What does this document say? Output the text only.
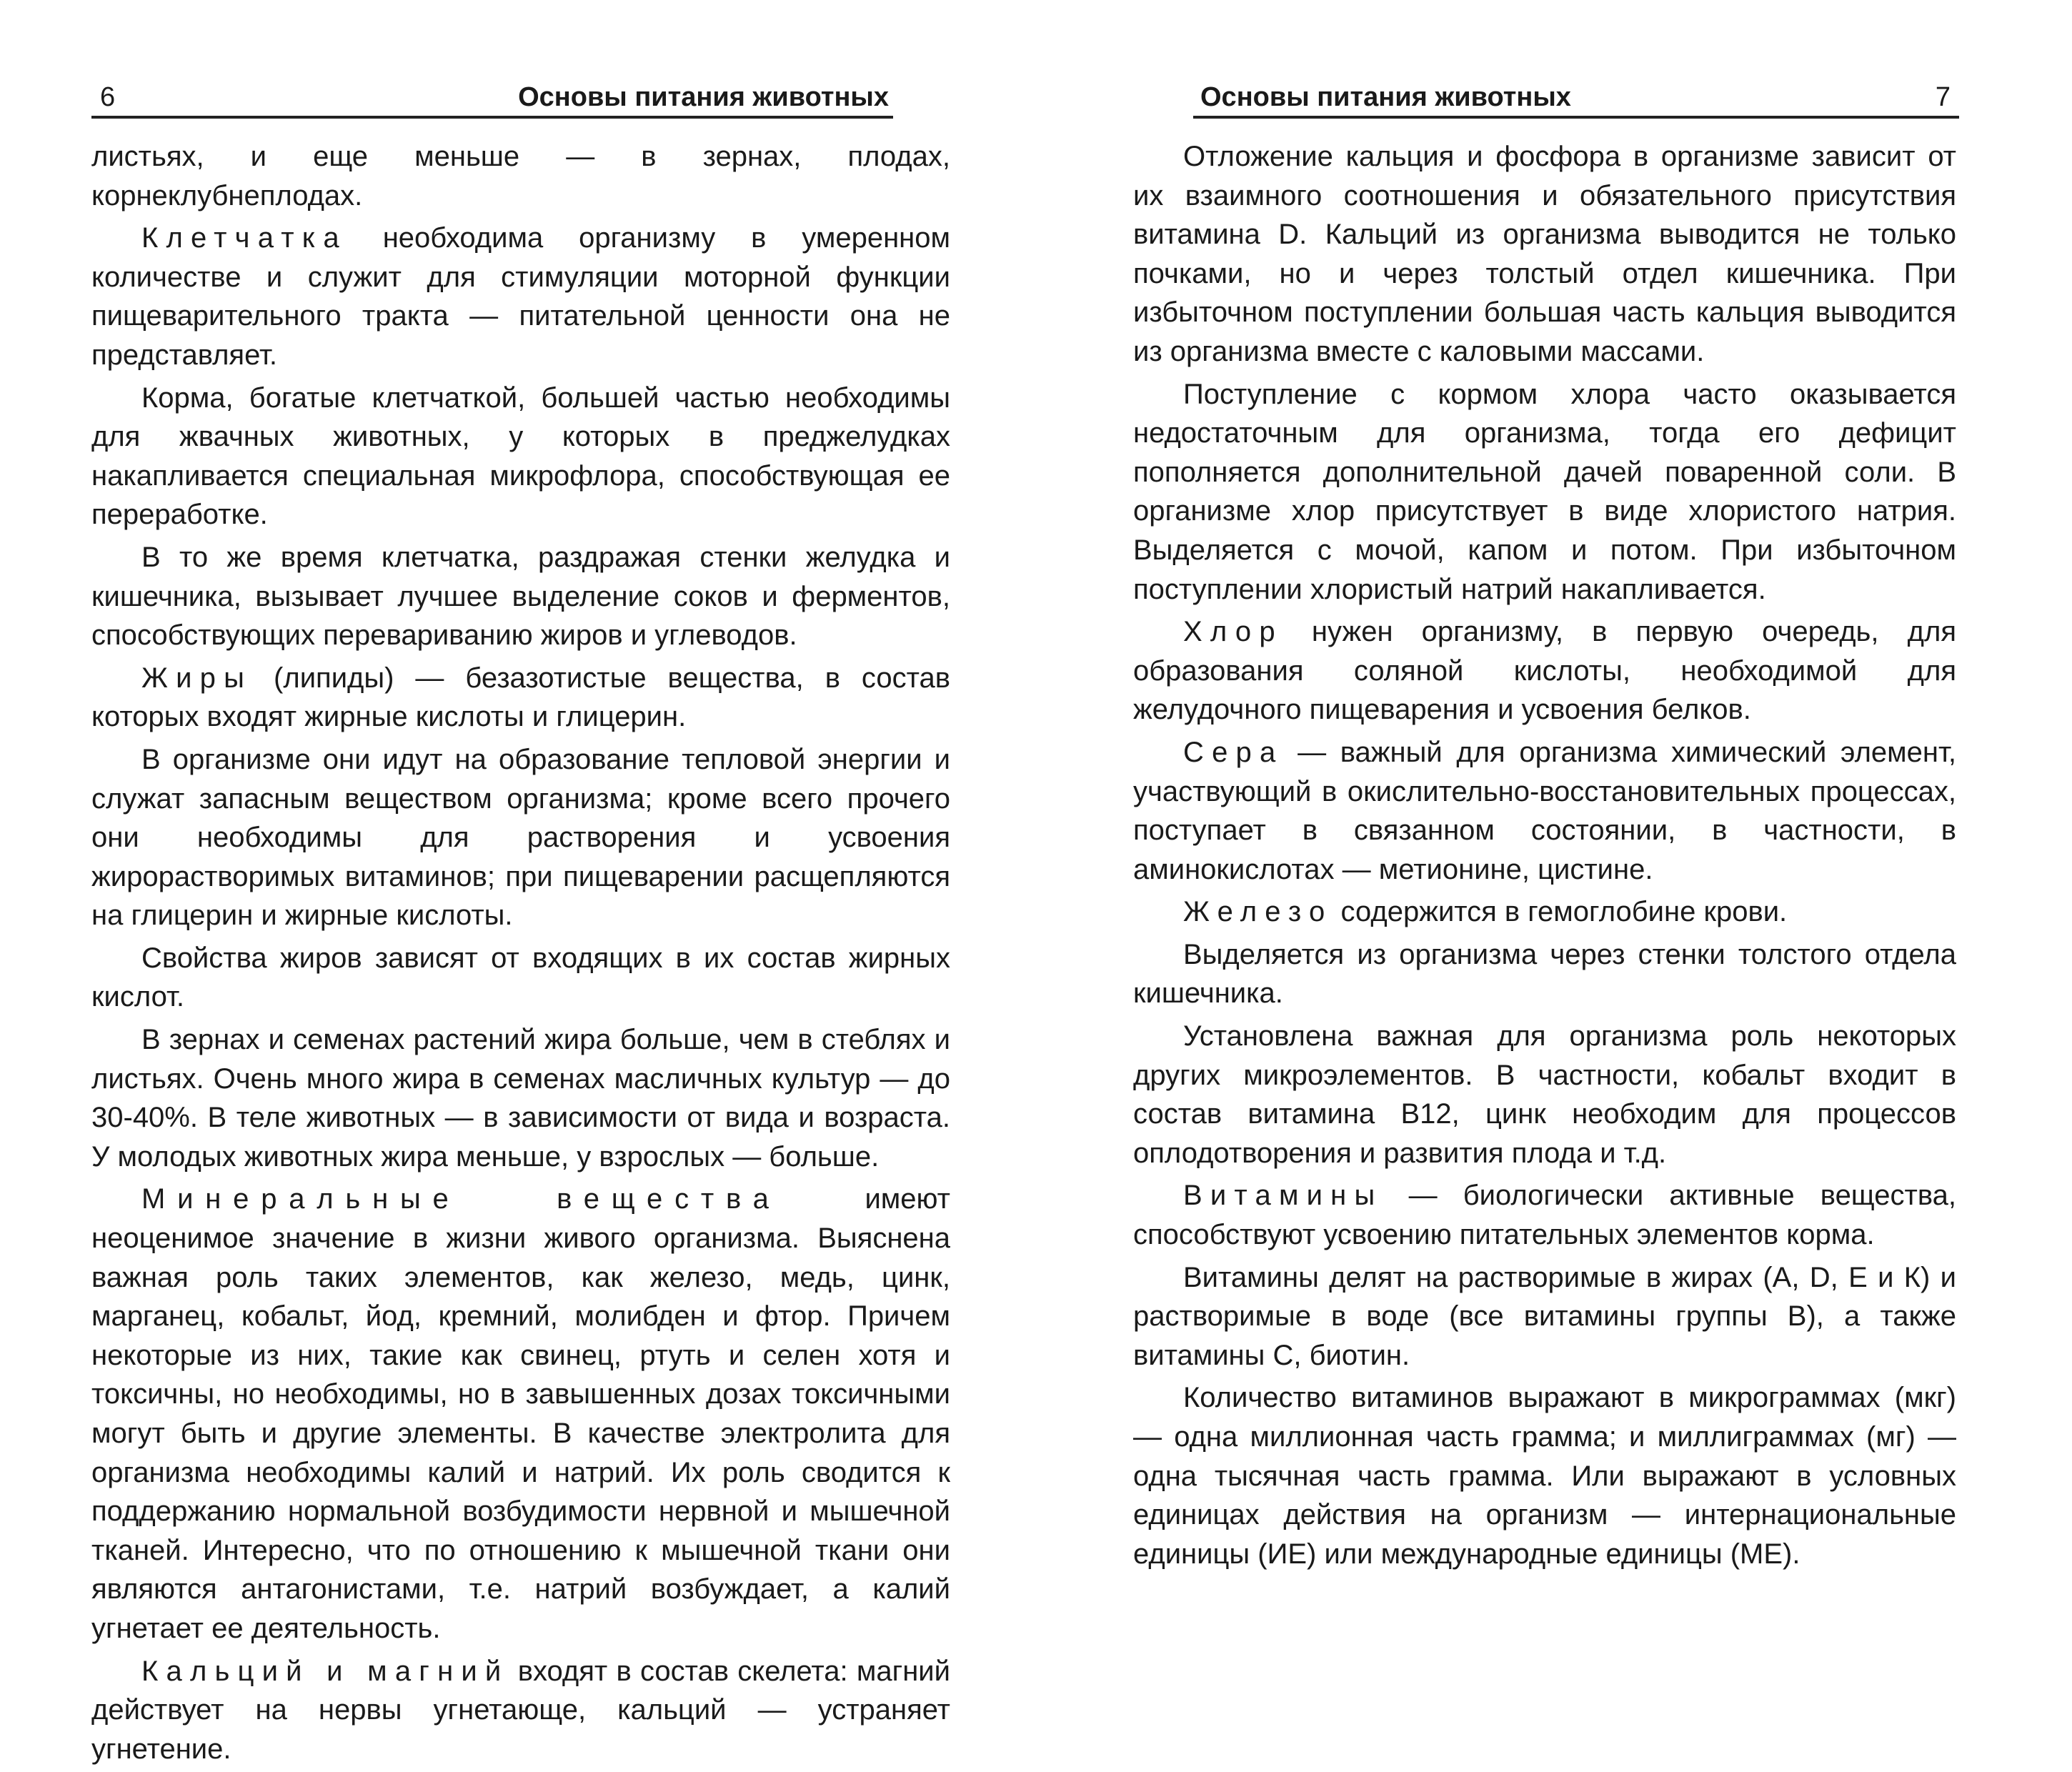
6	Основы питания животных

листьях, и еще меньше — в зернах, плодах, корнеклубнеплодах.

Клетчатка необходима организму в умеренном количестве и служит для стимуляции моторной функции пищеварительного тракта — питательной ценности она не представляет.

Корма, богатые клетчаткой, большей частью необходимы для жвачных животных, у которых в преджелудках накапливается специальная микрофлора, способствующая ее переработке.

В то же время клетчатка, раздражая стенки желудка и кишечника, вызывает лучшее выделение соков и ферментов, способствующих перевариванию жиров и углеводов.

Жиры (липиды) — безазотистые вещества, в состав которых входят жирные кислоты и глицерин.

В организме они идут на образование тепловой энергии и служат запасным веществом организма; кроме всего прочего они необходимы для растворения и усвоения жирорастворимых витаминов; при пищеварении расщепляются на глицерин и жирные кислоты.

Свойства жиров зависят от входящих в их состав жирных кислот.

В зернах и семенах растений жира больше, чем в стеблях и листьях. Очень много жира в семенах масличных культур — до 30-40%. В теле животных — в зависимости от вида и возраста. У молодых животных жира меньше, у взрослых — больше.

Минеральные вещества имеют неоценимое значение в жизни живого организма. Выяснена важная роль таких элементов, как железо, медь, цинк, марганец, кобальт, йод, кремний, молибден и фтор. Причем некоторые из них, такие как свинец, ртуть и селен хотя и токсичны, но необходимы, но в завышенных дозах токсичными могут быть и другие элементы. В качестве электролита для организма необходимы калий и натрий. Их роль сводится к поддержанию нормальной возбудимости нервной и мышечной тканей. Интересно, что по отношению к мышечной ткани они являются антагонистами, т.е. натрий возбуждает, а калий угнетает ее деятельность.

Кальций и магний входят в состав скелета: магний действует на нервы угнетающе, кальций — устраняет угнетение.

Основы питания животных	7

Отложение кальция и фосфора в организме зависит от их взаимного соотношения и обязательного присутствия витамина D. Кальций из организма выводится не только почками, но и через толстый отдел кишечника. При избыточном поступлении большая часть кальция выводится из организма вместе с каловыми массами.

Поступление с кормом хлора часто оказывается недостаточным для организма, тогда его дефицит пополняется дополнительной дачей поваренной соли. В организме хлор присутствует в виде хлористого натрия. Выделяется с мочой, капом и потом. При избыточном поступлении хлористый натрий накапливается.

Хлор нужен организму, в первую очередь, для образования соляной кислоты, необходимой для желудочного пищеварения и усвоения белков.

Сера — важный для организма химический элемент, участвующий в окислительно-восстановительных процессах, поступает в связанном состоянии, в частности, в аминокислотах — метионине, цистине.

Железо содержится в гемоглобине крови.

Выделяется из организма через стенки толстого отдела кишечника.

Установлена важная для организма роль некоторых других микроэлементов. В частности, кобальт входит в состав витамина В12, цинк необходим для процессов оплодотворения и развития плода и т.д.

Витамины — биологически активные вещества, способствуют усвоению питательных элементов корма.

Витамины делят на растворимые в жирах (А, D, Е и К) и растворимые в воде (все витамины группы В), а также витамины С, биотин.

Количество витаминов выражают в микрограммах (мкг) — одна миллионная часть грамма; и миллиграммах (мг) — одна тысячная часть грамма. Или выражают в условных единицах действия на организм — интернациональные единицы (ИЕ) или международные единицы (МЕ).
